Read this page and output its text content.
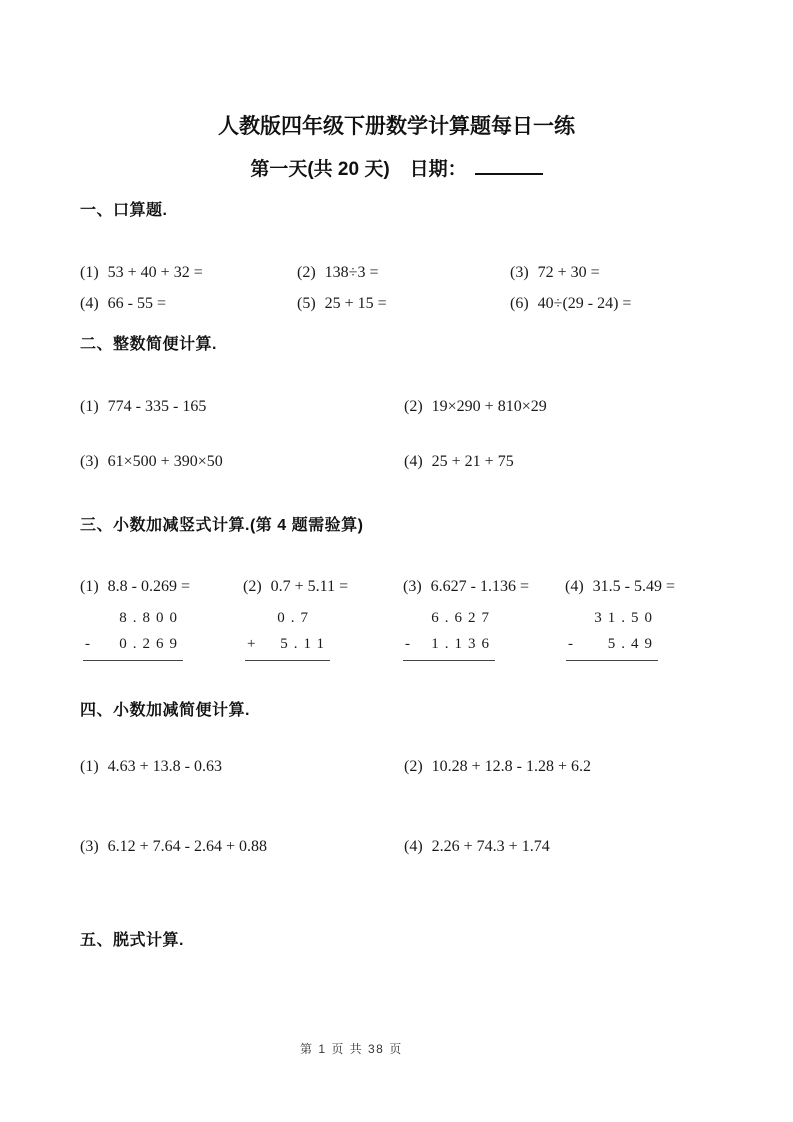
人教版四年级下册数学计算题每日一练
第一天(共 20 天) 日期：
一、口算题.
(1) 53 + 40 + 32 =	(2) 138÷3 =	(3) 72 + 30 =
(4) 66 - 55 =	(5) 25 + 15 =	(6) 40÷(29 - 24) =
二、整数简便计算.
(1) 774 - 335 - 165	(2) 19×290 + 810×29
(3) 61×500 + 390×50	(4) 25 + 21 + 75
三、小数加减竖式计算.(第 4 题需验算)
(1) 8.8 - 0.269 =	(2) 0.7 + 5.11 =	(3) 6.627 - 1.136 = (4) 31.5 - 5.49 =
8.800
- 0.269
0.7
+ 5.11
6.627
- 1.136
31.50
- 5.49
四、小数加减简便计算.
(1) 4.63 + 13.8 - 0.63	(2) 10.28 + 12.8 - 1.28 + 6.2
(3) 6.12 + 7.64 - 2.64 + 0.88	(4) 2.26 + 74.3 + 1.74
五、脱式计算.
第 1 页 共 38 页
